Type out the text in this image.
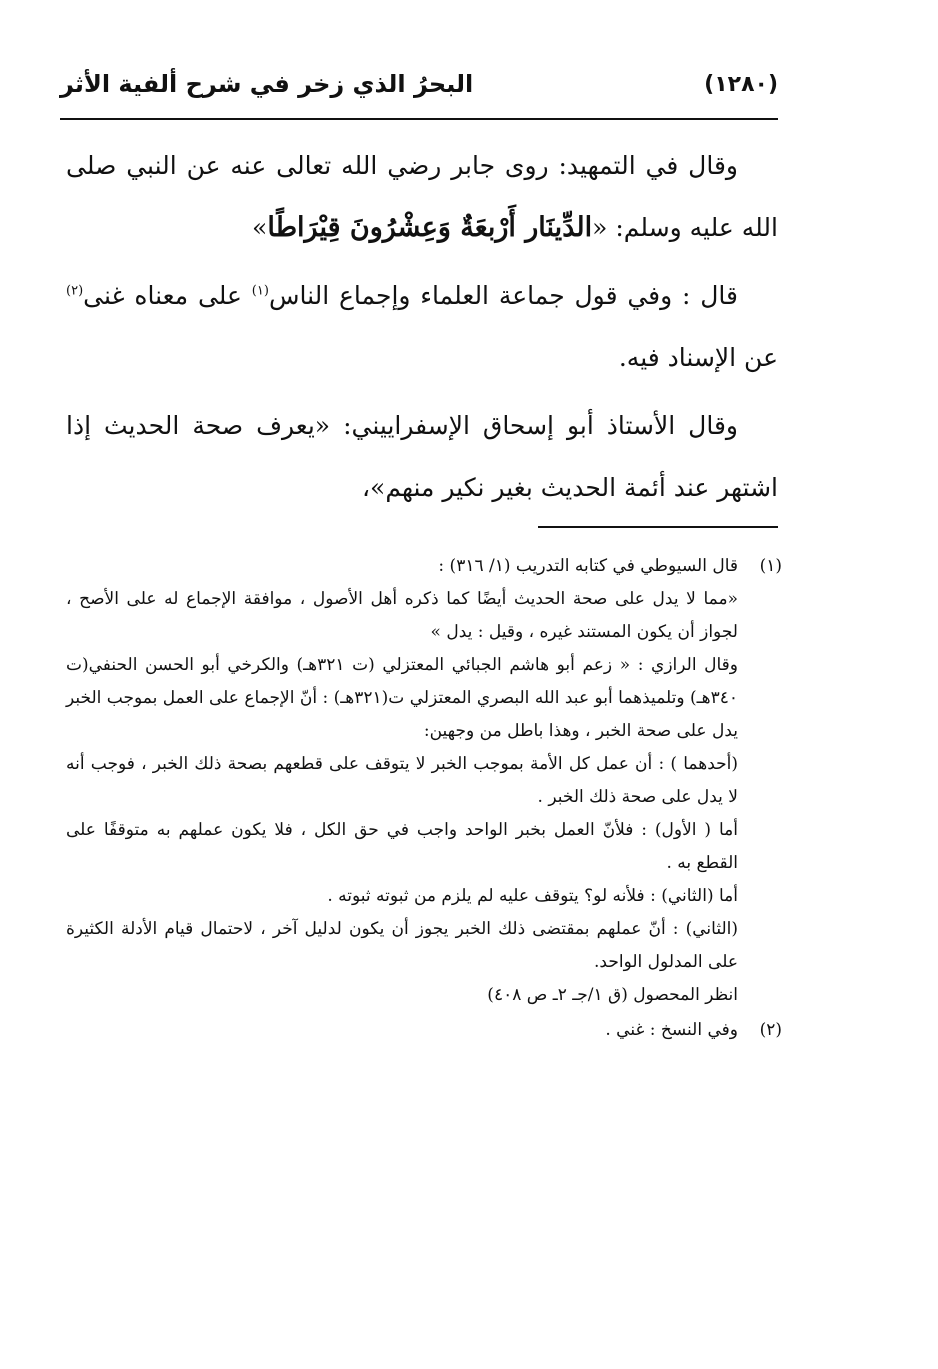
(١٢٨٠)
البحرُ الذي زخر في شرح ألفية الأثر

وقال في التمهيد: روى جابر رضي الله تعالى عنه عن النبي صلى الله عليه وسلم: «الدِّينَار أَرْبعَةٌ وَعِشْرُونَ قِيْرَاطًا»

قال : وفي قول جماعة العلماء وإجماع الناس$^{(١)}$ على معناه غنى$^{(٢)}$ عن الإسناد فيه.

وقال الأستاذ أبو إسحاق الإسفراييني: «يعرف صحة الحديث إذا اشتهر عند أئمة الحديث بغير نكير منهم»،

(١)
قال السيوطي في كتابه التدريب (١/ ٣١٦) :
«مما لا يدل على صحة الحديث أيضًا كما ذكره أهل الأصول ، موافقة الإجماع له على الأصح ، لجواز أن يكون المستند غيره ، وقيل : يدل »
وقال الرازي : « زعم أبو هاشم الجبائي المعتزلي (ت ٣٢١هـ) والكرخي أبو الحسن الحنفي(ت ٣٤٠هـ) وتلميذهما أبو عبد الله البصري المعتزلي ت(٣٢١هـ) : أنّ الإجماع على العمل بموجب الخبر يدل على صحة الخبر ، وهذا باطل من وجهين:
(أحدهما ) : أن عمل كل الأمة بموجب الخبر لا يتوقف على قطعهم بصحة ذلك الخبر ، فوجب أنه لا يدل على صحة ذلك الخبر .
أما ( الأول) : فلأنّ العمل بخبر الواحد واجب في حق الكل ، فلا يكون عملهم به متوقفًا على القطع به .
أما (الثاني) : فلأنه لو؟ يتوقف عليه لم يلزم من ثبوته ثبوته .
(الثاني) : أنّ عملهم بمقتضى ذلك الخبر يجوز أن يكون لدليل آخر ، لاحتمال قيام الأدلة الكثيرة على المدلول الواحد.
انظر المحصول (ق ١/جـ ٢ـ ص ٤٠٨)
(٢)
وفي النسخ : غني .
